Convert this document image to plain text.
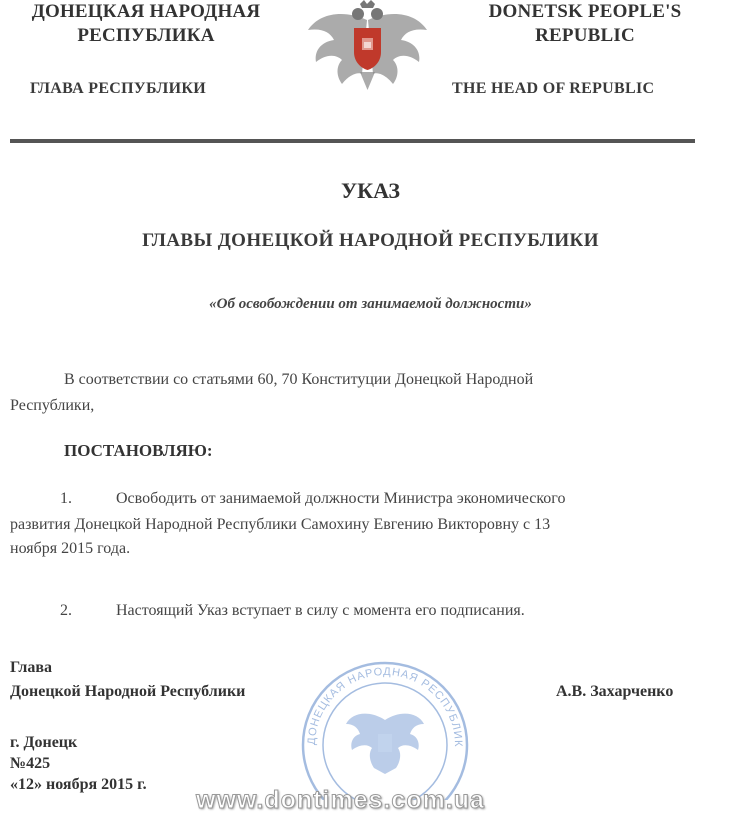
ДОНЕЦКАЯ НАРОДНАЯ
РЕСПУБЛИКА
ГЛАВА РЕСПУБЛИКИ
DONETSK PEOPLE'S
REPUBLIC
THE HEAD OF REPUBLIC
УКАЗ
ГЛАВЫ ДОНЕЦКОЙ НАРОДНОЙ РЕСПУБЛИКИ
«Об освобождении от занимаемой должности»
В соответствии со статьями 60, 70 Конституции Донецкой Народной
Республики,
ПОСТАНОВЛЯЮ:
1.	Освободить от занимаемой должности Министра экономического
развития Донецкой Народной Республики Самохину Евгению Викторовну с 13
ноября 2015 года.
2.	Настоящий Указ вступает в силу с момента его подписания.
ДОНЕЦКАЯ НАРОДНАЯ РЕСПУБЛИК
Глава
Донецкой Народной Республики	А.В. Захарченко
г. Донецк
№425
«12» ноября 2015 г.
www.dontimes.com.ua
